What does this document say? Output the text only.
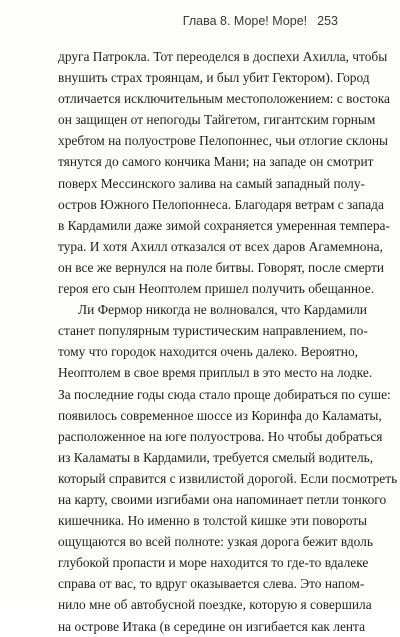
Глава 8. Море! Море! 253

друга Патрокла. Тот переоделся в доспехи Ахилла, чтобы
внушить страх троянцам, и был убит Гектором). Город
отличается исключительным местоположением: с востока
он защищен от непогоды Тайгетом, гигантским горным
хребтом на полуострове Пелопоннес, чьи отлогие склоны
тянутся до самого кончика Мани; на западе он смотрит
поверх Мессинского залива на самый западный полу-
остров Южного Пелопоннеса. Благодаря ветрам с запада
в Кардамили даже зимой сохраняется умеренная темпера-
тура. И хотя Ахилл отказался от всех даров Агамемнона,
он все же вернулся на поле битвы. Говорят, после смерти
героя его сын Неоптолем пришел получить обещанное.

Ли Фермор никогда не волновался, что Кардамили
станет популярным туристическим направлением, по-
тому что городок находится очень далеко. Вероятно,
Неоптолем в свое время приплыл в это место на лодке.
За последние годы сюда стало проще добираться по суше:
появилось современное шоссе из Коринфа до Каламаты,
расположенное на юге полуострова. Но чтобы добраться
из Каламаты в Кардамили, требуется смелый водитель,
который справится с извилистой дорогой. Если посмотреть
на карту, своими изгибами она напоминает петли тонкого
кишечника. Но именно в толстой кишке эти повороты
ощущаются во всей полноте: узкая дорога бежит вдоль
глубокой пропасти и море находится то где-то вдалеке
справа от вас, то вдруг оказывается слева. Это напом-
нило мне об автобусной поездке, которую я совершила
на острове Итака (в середине он изгибается как лента
